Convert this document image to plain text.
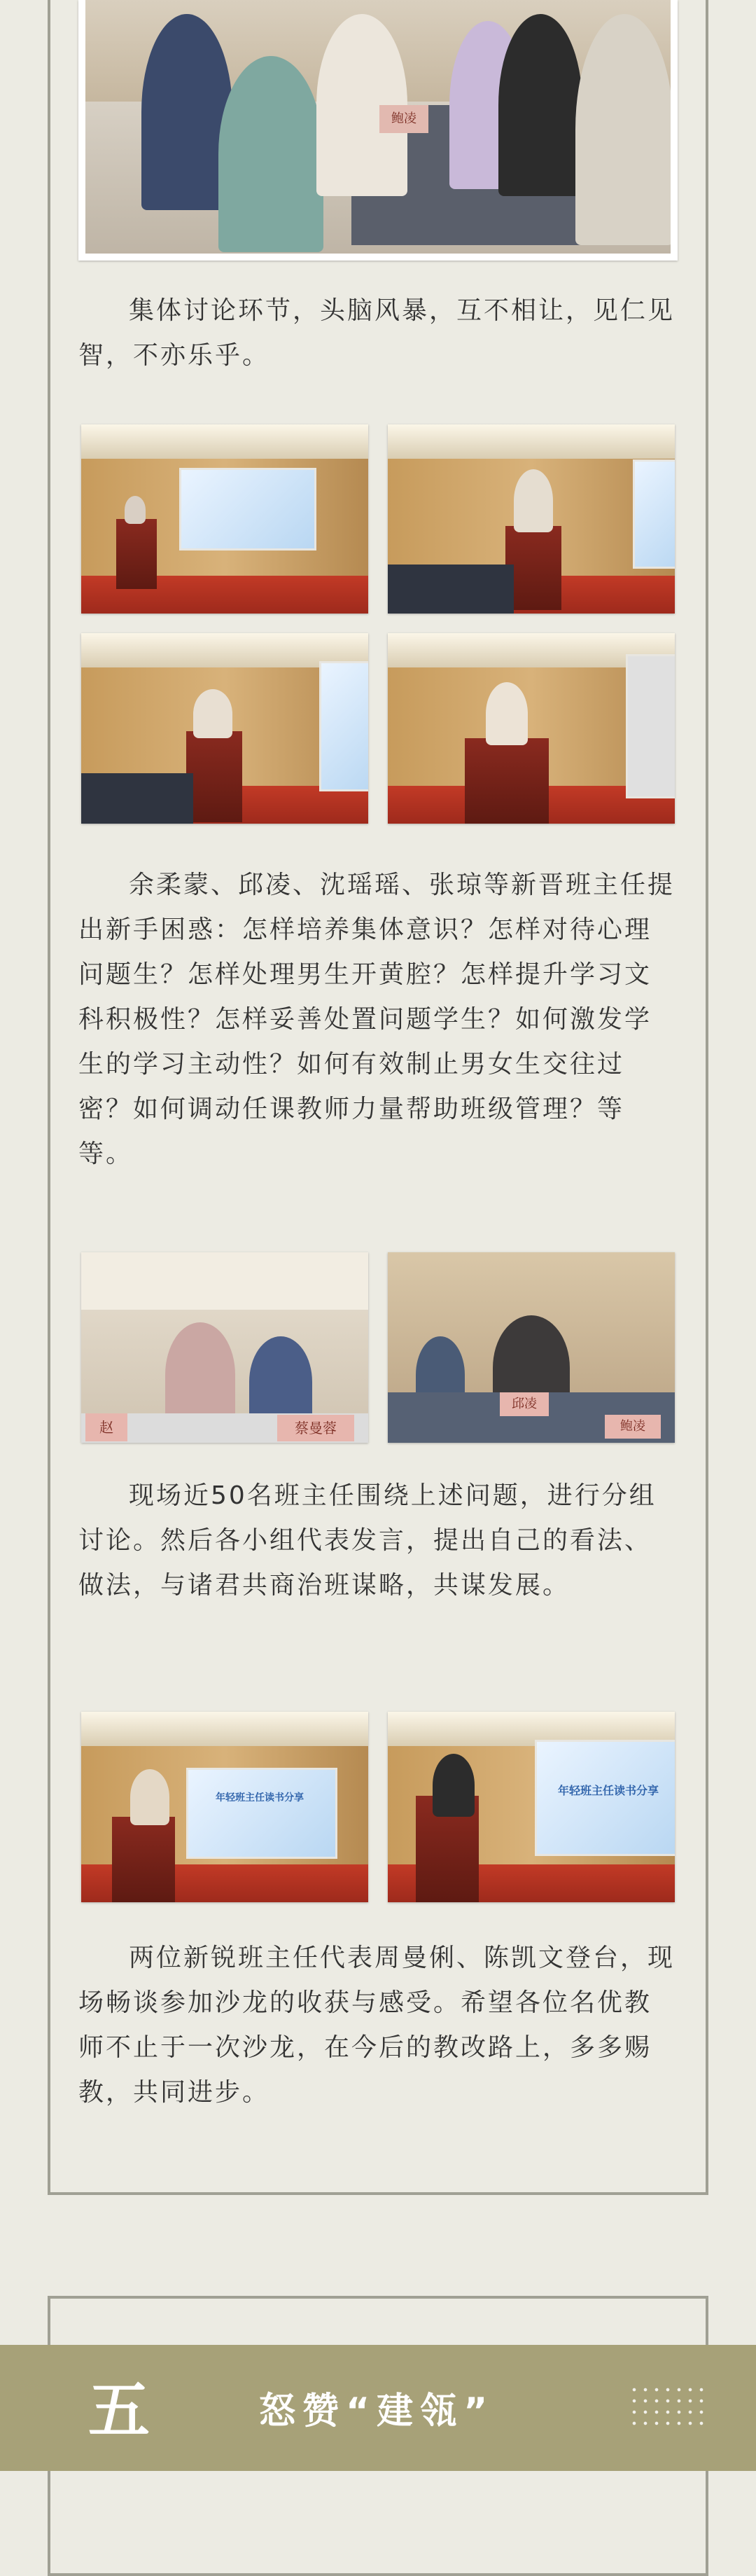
鲍凌
集体讨论环节，头脑风暴，互不相让，见仁见智，不亦乐乎。
余柔蒙、邱凌、沈瑶瑶、张琼等新晋班主任提出新手困惑：怎样培养集体意识？怎样对待心理问题生？怎样处理男生开黄腔？怎样提升学习文科积极性？怎样妥善处置问题学生？如何激发学生的学习主动性？如何有效制止男女生交往过密？如何调动任课教师力量帮助班级管理？等等。
赵	蔡曼蓉
邱凌
鲍凌
现场近50名班主任围绕上述问题，进行分组讨论。然后各小组代表发言，提出自己的看法、做法，与诸君共商治班谋略，共谋发展。
年轻班主任读书分享
年轻班主任读书分享
两位新锐班主任代表周曼俐、陈凯文登台，现场畅谈参加沙龙的收获与感受。希望各位名优教师不止于一次沙龙，在今后的教改路上，多多赐教，共同进步。
五	怒赞“建瓴”
